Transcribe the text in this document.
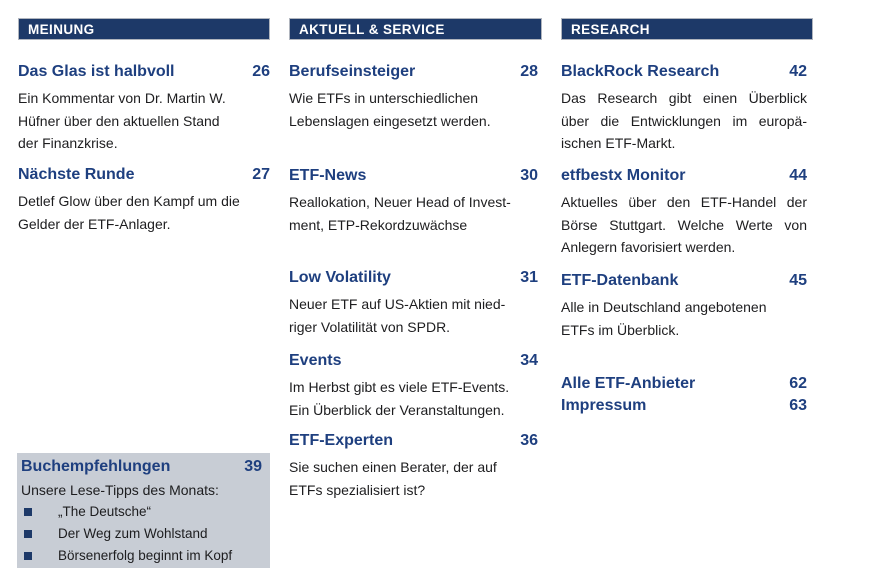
MEINUNG
Das Glas ist halbvoll	26
Ein Kommentar von Dr. Martin W.
Hüfner über den aktuellen Stand
der Finanzkrise.
Nächste Runde	27
Detlef Glow über den Kampf um die
Gelder der ETF-Anlager.
Buchempfehlungen	39
Unsere Lese-Tipps des Monats:
„The Deutsche“
Der Weg zum Wohlstand
Börsenerfolg beginnt im Kopf
AKTUELL & SERVICE
Berufseinsteiger	28
Wie ETFs in unterschiedlichen
Lebenslagen eingesetzt werden.
ETF-News	30
Reallokation, Neuer Head of Invest-
ment, ETP-Rekordzuwächse
Low Volatility	31
Neuer ETF auf US-Aktien mit nied-
riger Volatilität von SPDR.
Events	34
Im Herbst gibt es viele ETF-Events.
Ein Überblick der Veranstaltungen.
ETF-Experten	36
Sie suchen einen Berater, der auf
ETFs spezialisiert ist?
RESEARCH
BlackRock Research	42
Das Research gibt einen Überblick
über die Entwicklungen im europä-
ischen ETF-Markt.
etfbestx Monitor	44
Aktuelles über den ETF-Handel der
Börse Stuttgart. Welche Werte von
Anlegern favorisiert werden.
ETF-Datenbank	45
Alle in Deutschland angebotenen
ETFs im Überblick.
Alle ETF-Anbieter	62
Impressum	63
